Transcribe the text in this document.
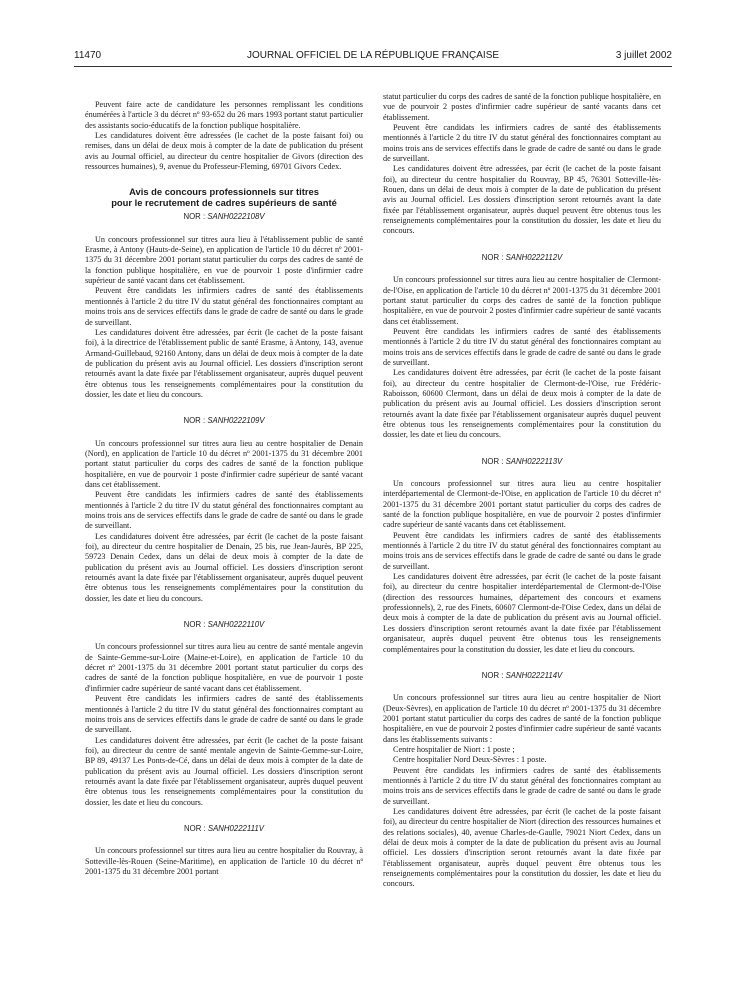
11470	JOURNAL OFFICIEL DE LA RÉPUBLIQUE FRANÇAISE	3 juillet 2002

Peuvent faire acte de candidature les personnes remplissant les conditions énumérées à l'article 3 du décret nº 93-652 du 26 mars 1993 portant statut particulier des assistants socio-éducatifs de la fonction publique hospitalière.

Les candidatures doivent être adressées (le cachet de la poste faisant foi) ou remises, dans un délai de deux mois à compter de la date de publication du présent avis au Journal officiel, au directeur du centre hospitalier de Givors (direction des ressources humaines), 9, avenue du Professeur-Fleming, 69701 Givors Cedex.

Avis de concours professionnels sur titres
pour le recrutement de cadres supérieurs de santé
NOR : SANH0222108V

Un concours professionnel sur titres aura lieu à l'établissement public de santé Erasme, à Antony (Hauts-de-Seine), en application de l'article 10 du décret nº 2001-1375 du 31 décembre 2001 portant statut particulier du corps des cadres de santé de la fonction publique hospitalière, en vue de pourvoir 1 poste d'infirmier cadre supérieur de santé vacant dans cet établissement.

Peuvent être candidats les infirmiers cadres de santé des établissements mentionnés à l'article 2 du titre IV du statut général des fonctionnaires comptant au moins trois ans de services effectifs dans le grade de cadre de santé ou dans le grade de surveillant.

Les candidatures doivent être adressées, par écrit (le cachet de la poste faisant foi), à la directrice de l'établissement public de santé Erasme, à Antony, 143, avenue Armand-Guillebaud, 92160 Antony, dans un délai de deux mois à compter de la date de publication du présent avis au Journal officiel. Les dossiers d'inscription seront retournés avant la date fixée par l'établissement organisateur, auprès duquel peuvent être obtenus tous les renseignements complémentaires pour la constitution du dossier, les date et lieu du concours.

NOR : SANH0222109V

Un concours professionnel sur titres aura lieu au centre hospitalier de Denain (Nord), en application de l'article 10 du décret nº 2001-1375 du 31 décembre 2001 portant statut particulier du corps des cadres de santé de la fonction publique hospitalière, en vue de pourvoir 1 poste d'infirmier cadre supérieur de santé vacant dans cet établissement.

Peuvent être candidats les infirmiers cadres de santé des établissements mentionnés à l'article 2 du titre IV du statut général des fonctionnaires comptant au moins trois ans de services effectifs dans le grade de cadre de santé ou dans le grade de surveillant.

Les candidatures doivent être adressées, par écrit (le cachet de la poste faisant foi), au directeur du centre hospitalier de Denain, 25 bis, rue Jean-Jaurès, BP 225, 59723 Denain Cedex, dans un délai de deux mois à compter de la date de publication du présent avis au Journal officiel. Les dossiers d'inscription seront retournés avant la date fixée par l'établissement organisateur, auprès duquel peuvent être obtenus tous les renseignements complémentaires pour la constitution du dossier, les date et lieu du concours.

NOR : SANH0222110V

Un concours professionnel sur titres aura lieu au centre de santé mentale angevin de Sainte-Gemme-sur-Loire (Maine-et-Loire), en application de l'article 10 du décret nº 2001-1375 du 31 décembre 2001 portant statut particulier du corps des cadres de santé de la fonction publique hospitalière, en vue de pourvoir 1 poste d'infirmier cadre supérieur de santé vacant dans cet établissement.

Peuvent être candidats les infirmiers cadres de santé des établissements mentionnés à l'article 2 du titre IV du statut général des fonctionnaires comptant au moins trois ans de services effectifs dans le grade de cadre de santé ou dans le grade de surveillant.

Les candidatures doivent être adressées, par écrit (le cachet de la poste faisant foi), au directeur du centre de santé mentale angevin de Sainte-Gemme-sur-Loire, BP 89, 49137 Les Ponts-de-Cé, dans un délai de deux mois à compter de la date de publication du présent avis au Journal officiel. Les dossiers d'inscription seront retournés avant la date fixée par l'établissement organisateur, auprès duquel peuvent être obtenus tous les renseignements complémentaires pour la constitution du dossier, les date et lieu du concours.

NOR : SANH0222111V

Un concours professionnel sur titres aura lieu au centre hospitalier du Rouvray, à Sotteville-lès-Rouen (Seine-Maritime), en application de l'article 10 du décret nº 2001-1375 du 31 décembre 2001 portant

statut particulier du corps des cadres de santé de la fonction publique hospitalière, en vue de pourvoir 2 postes d'infirmier cadre supérieur de santé vacants dans cet établissement.

Peuvent être candidats les infirmiers cadres de santé des établissements mentionnés à l'article 2 du titre IV du statut général des fonctionnaires comptant au moins trois ans de services effectifs dans le grade de cadre de santé ou dans le grade de surveillant.

Les candidatures doivent être adressées, par écrit (le cachet de la poste faisant foi), au directeur du centre hospitalier du Rouvray, BP 45, 76301 Sotteville-lès-Rouen, dans un délai de deux mois à compter de la date de publication du présent avis au Journal officiel. Les dossiers d'inscription seront retournés avant la date fixée par l'établissement organisateur, auprès duquel peuvent être obtenus tous les renseignements complémentaires pour la constitution du dossier, les date et lieu du concours.

NOR : SANH0222112V

Un concours professionnel sur titres aura lieu au centre hospitalier de Clermont-de-l'Oise, en application de l'article 10 du décret nº 2001-1375 du 31 décembre 2001 portant statut particulier du corps des cadres de santé de la fonction publique hospitalière, en vue de pourvoir 2 postes d'infirmier cadre supérieur de santé vacants dans cet établissement.

Peuvent être candidats les infirmiers cadres de santé des établissements mentionnés à l'article 2 du titre IV du statut général des fonctionnaires comptant au moins trois ans de services effectifs dans le grade de cadre de santé ou dans le grade de surveillant.

Les candidatures doivent être adressées, par écrit (le cachet de la poste faisant foi), au directeur du centre hospitalier de Clermont-de-l'Oise, rue Frédéric-Raboisson, 60600 Clermont, dans un délai de deux mois à compter de la date de publication du présent avis au Journal officiel. Les dossiers d'inscription seront retournés avant la date fixée par l'établissement organisateur auprès duquel peuvent être obtenus tous les renseignements complémentaires pour la constitution du dossier, les date et lieu du concours.

NOR : SANH0222113V

Un concours professionnel sur titres aura lieu au centre hospitalier interdépartemental de Clermont-de-l'Oise, en application de l'article 10 du décret nº 2001-1375 du 31 décembre 2001 portant statut particulier du corps des cadres de santé de la fonction publique hospitalière, en vue de pourvoir 2 postes d'infirmier cadre supérieur de santé vacants dans cet établissement.

Peuvent être candidats les infirmiers cadres de santé des établissements mentionnés à l'article 2 du titre IV du statut général des fonctionnaires comptant au moins trois ans de services effectifs dans le grade de cadre de santé ou dans le grade de surveillant.

Les candidatures doivent être adressées, par écrit (le cachet de la poste faisant foi), au directeur du centre hospitalier interdépartemental de Clermont-de-l'Oise (direction des ressources humaines, département des concours et examens professionnels), 2, rue des Finets, 60607 Clermont-de-l'Oise Cedex, dans un délai de deux mois à compter de la date de publication du présent avis au Journal officiel. Les dossiers d'inscription seront retournés avant la date fixée par l'établissement organisateur, auprès duquel peuvent être obtenus tous les renseignements complémentaires pour la constitution du dossier, les date et lieu du concours.

NOR : SANH0222114V

Un concours professionnel sur titres aura lieu au centre hospitalier de Niort (Deux-Sèvres), en application de l'article 10 du décret nº 2001-1375 du 31 décembre 2001 portant statut particulier du corps des cadres de santé de la fonction publique hospitalière, en vue de pourvoir 2 postes d'infirmier cadre supérieur de santé vacants dans les établissements suivants :

Centre hospitalier de Niort : 1 poste ;

Centre hospitalier Nord Deux-Sèvres : 1 poste.

Peuvent être candidats les infirmiers cadres de santé des établissements mentionnés à l'article 2 du titre IV du statut général des fonctionnaires comptant au moins trois ans de services effectifs dans le grade de cadre de santé ou dans le grade de surveillant.

Les candidatures doivent être adressées, par écrit (le cachet de la poste faisant foi), au directeur du centre hospitalier de Niort (direction des ressources humaines et des relations sociales), 40, avenue Charles-de-Gaulle, 79021 Niort Cedex, dans un délai de deux mois à compter de la date de publication du présent avis au Journal officiel. Les dossiers d'inscription seront retournés avant la date fixée par l'établissement organisateur, auprès duquel peuvent être obtenus tous les renseignements complémentaires pour la constitution du dossier, les date et lieu du concours.
